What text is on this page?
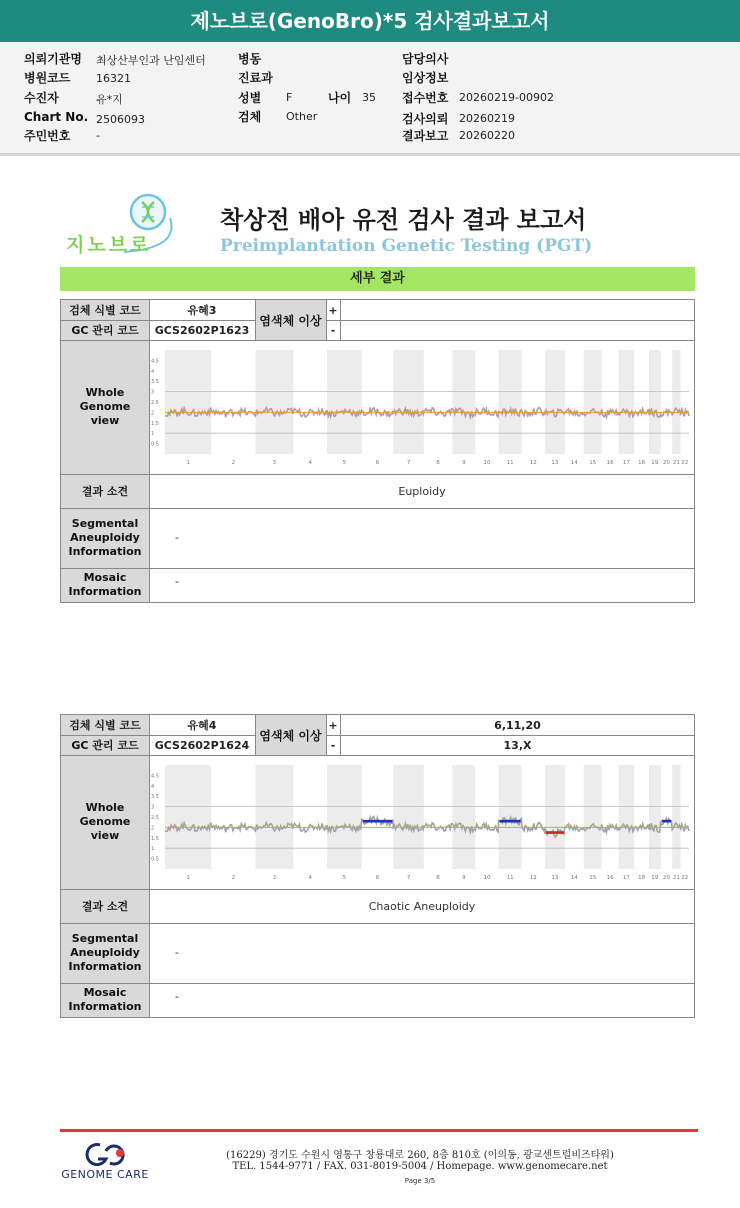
제노브로(GenoBro)*5 검사결과보고서
의뢰기관명 최상산부인과 난임센터
병원코드 16321
수진자	유*지
Chart No. 2506093
주민번호 -
병동
진료과
성별 F	나이 35
검체 Other
담당의사
임상정보
접수번호 20260219-00902
검사의뢰 20260219
결과보고 20260220
지노브로
착상전 배아 유전 검사 결과 보고서
Preimplantation Genetic Testing (PGT)
세부 결과
검체 식별 코드	유혜3
염색체 이상
+
GC 관리 코드	GCS2602P1623	-
Whole
Genome
view
4.5
4
3.5
3
2.5
2
1.5
1
0.5
1	2	3	4	5	6	7	8	9	10	11	12	13 14 15 16 17 18 19 20 21 22
결과 소견	Euploidy
Segmental
Aneuploidy
Information
-
Mosaic
Information
-
검체 식별 코드	유혜4
염색체 이상
+	6,11,20
GC 관리 코드	GCS2602P1624	-	13,X
Whole
Genome
view
4.5
4
3.5
3
2.5
2
1.5
1
0.5
1	2	3	4	5	6	7	8	9	10	11	12	13 14 15 16 17 18 19 20 21 22
결과 소견	Chaotic Aneuploidy
Segmental
Aneuploidy
Information
-
Mosaic
Information
-
GENOME CARE
(16229) 경기도 수원시 영통구 창룡대로 260, 8층 810호 (이의동, 광교센트럴비즈타워)
TEL. 1544-9771 / FAX. 031-8019-5004 / Homepage. www.genomecare.net
Page 3/5
